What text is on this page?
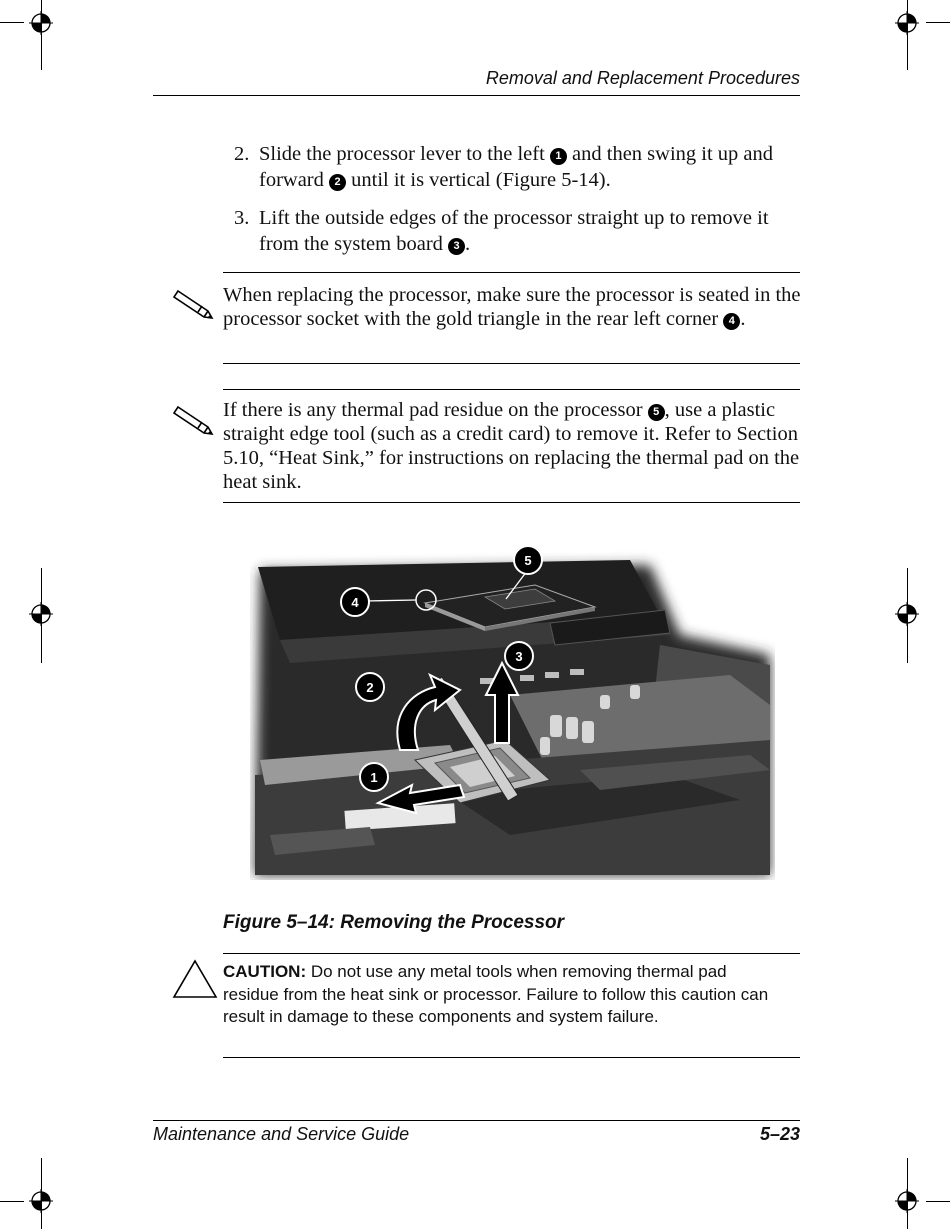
Removal and Replacement Procedures
2. Slide the processor lever to the left 1 and then swing it up and forward 2 until it is vertical (Figure 5-14).
3. Lift the outside edges of the processor straight up to remove it from the system board 3 .
When replacing the processor, make sure the processor is seated in the processor socket with the gold triangle in the rear left corner 4 .
If there is any thermal pad residue on the processor 5 , use a plastic straight edge tool (such as a credit card) to remove it. Refer to Section 5.10, “Heat Sink,” for instructions on replacing the thermal pad on the heat sink.
4
5
3
2
1
Figure 5–14: Removing the Processor
CAUTION: Do not use any metal tools when removing thermal pad residue from the heat sink or processor. Failure to follow this caution can result in damage to these components and system failure.
Maintenance and Service Guide	5–23
